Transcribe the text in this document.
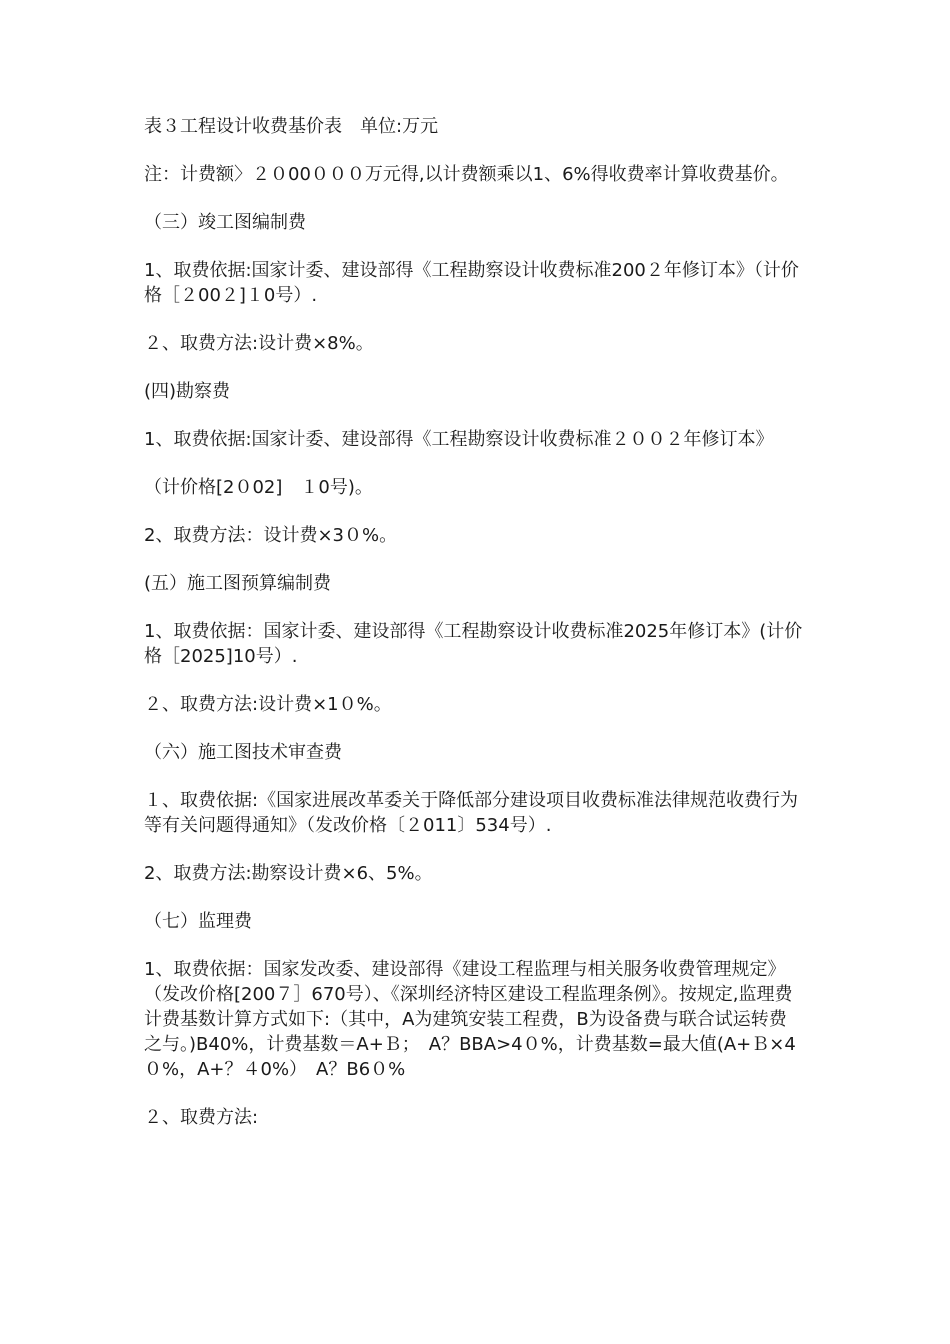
表３工程设计收费基价表　单位:万元

注：计费额〉２０00０００万元得,以计费额乘以1、6%得收费率计算收费基价。

（三）竣工图编制费

1、取费依据:国家计委、建设部得《工程勘察设计收费标准200２年修订本》（计价格［２00２]１0号）.

２、取费方法:设计费×8%。

(四)勘察费

1、取费依据:国家计委、建设部得《工程勘察设计收费标准２００２年修订本》

（计价格[2０02]　１0号)。

2、取费方法：设计费×3０%。

(五）施工图预算编制费

1、取费依据：国家计委、建设部得《工程勘察设计收费标准2025年修订本》(计价格［2025]10号）.

２、取费方法:设计费×1０%。

（六）施工图技术审查费

１、取费依据:《国家进展改革委关于降低部分建设项目收费标准法律规范收费行为等有关问题得通知》（发改价格〔２011〕534号）.

2、取费方法:勘察设计费×6、5%。

（七）监理费

1、取费依据：国家发改委、建设部得《建设工程监理与相关服务收费管理规定》（发改价格[200７］670号）、《深圳经济特区建设工程监理条例》。按规定,监理费计费基数计算方式如下:（其中，A为建筑安装工程费，B为设备费与联合试运转费之与。)B40%，计费基数＝A+Ｂ；　A？BBA>4０%，计费基数=最大值(A+Ｂ×4０%，A+？４0%）　A？B6０%

２、取费方法:
